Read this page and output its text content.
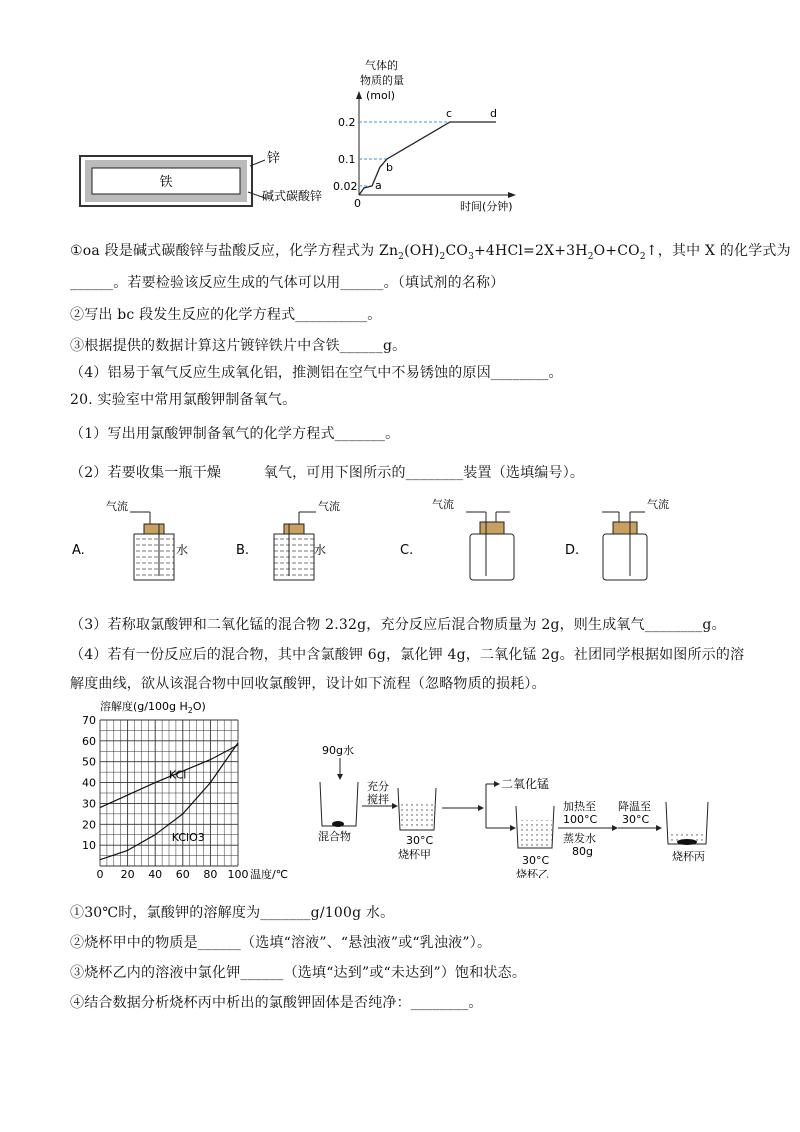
铁
锌
碱式碳酸锌
气体的
物质的量
(mol)
0	时间(分钟)
0.2
0.1
0.02 a
b
c	d
①oa 段是碱式碳酸锌与盐酸反应，化学方程式为 $Zn_2(OH)_2CO_3+4HCl=2X+3H_2O+CO_2↑$，其中 X 的化学式为
______。若要检验该反应生成的气体可以用______。（填试剂的名称）
②写出 bc 段发生反应的化学方程式__________。
③根据提供的数据计算这片镀锌铁片中含铁______g。
（4）铝易于氧气反应生成氧化铝，推测铝在空气中不易锈蚀的原因________。
20. 实验室中常用氯酸钾制备氧气。
（1）写出用氯酸钾制备氧气的化学方程式_______。
（2）若要收集一瓶干燥　　　氧气，可用下图所示的________装置（选填编号）。
A.
气流
水	B.
气流
水	C.
气流
D.
气流
（3）若称取氯酸钾和二氧化锰的混合物 2.32g，充分反应后混合物质量为 2g，则生成氧气________g。
（4）若有一份反应后的混合物，其中含氯酸钾 6g，氯化钾 4g，二氧化锰 2g。社团同学根据如图所示的溶
解度曲线，欲从该混合物中回收氯酸钾，设计如下流程（忽略物质的损耗）。
溶解度(g/100g $H_2O$)
0 20 40 60 80 100
10
20
30
40
50
60
70
KCl
KClO3
温度/℃
90g水
混合物
充分
搅拌
30°C
烧杯甲
二氧化锰
30°C
烧杯乙
加热至
100°C
蒸发水
80g
降温至
30°C
烧杯丙
①30℃时，氯酸钾的溶解度为_______g/100g 水。
②烧杯甲中的物质是______（选填“溶液”、“悬浊液”或“乳浊液”）。
③烧杯乙内的溶液中氯化钾______（选填“达到”或“未达到”）饱和状态。
④结合数据分析烧杯丙中析出的氯酸钾固体是否纯净：________。
